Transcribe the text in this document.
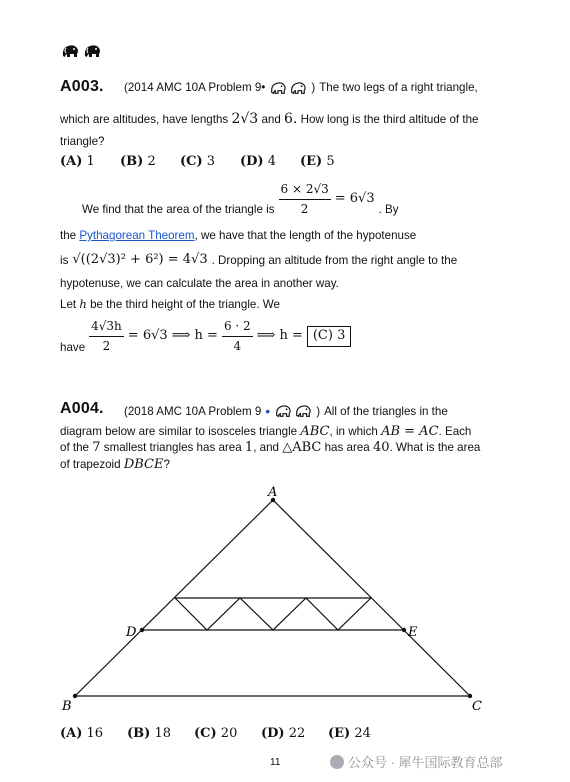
A003. (2014 AMC 10A Problem 9•	) The two legs of a right triangle,
which are altitudes, have lengths 2√3 and 6. How long is the third altitude of the
triangle?
(A) 1	(B) 2	(C) 3	(D) 4	(E) 5
We find that the area of the triangle is $\frac{6 \times 2√3}{2} = 6√3$
. By
the Pythagorean Theorem, we have that the length of the hypotenuse
is √((2√3)² + 6²) = 4√3 . Dropping an altitude from the right angle to the
hypotenuse, we can calculate the area in another way.
Let h be the third height of the triangle. We
have $\frac{4√3h}{2} = 6√3$ ⟹ $h = \frac{6 \cdot 2}{4}$ ⟹ h = (C) 3
A004. (2018 AMC 10A Problem 9 •	) All of the triangles in the
diagram below are similar to isosceles triangle ABC, in which AB = AC. Each
of the 7 smallest triangles has area 1, and △ABC has area 40. What is the area
of trapezoid DBCE?
A
B	C
D	E
(A) 16	(B) 18	(C) 20	(D) 22	(E) 24
11	公众号 · 犀牛国际教育总部
